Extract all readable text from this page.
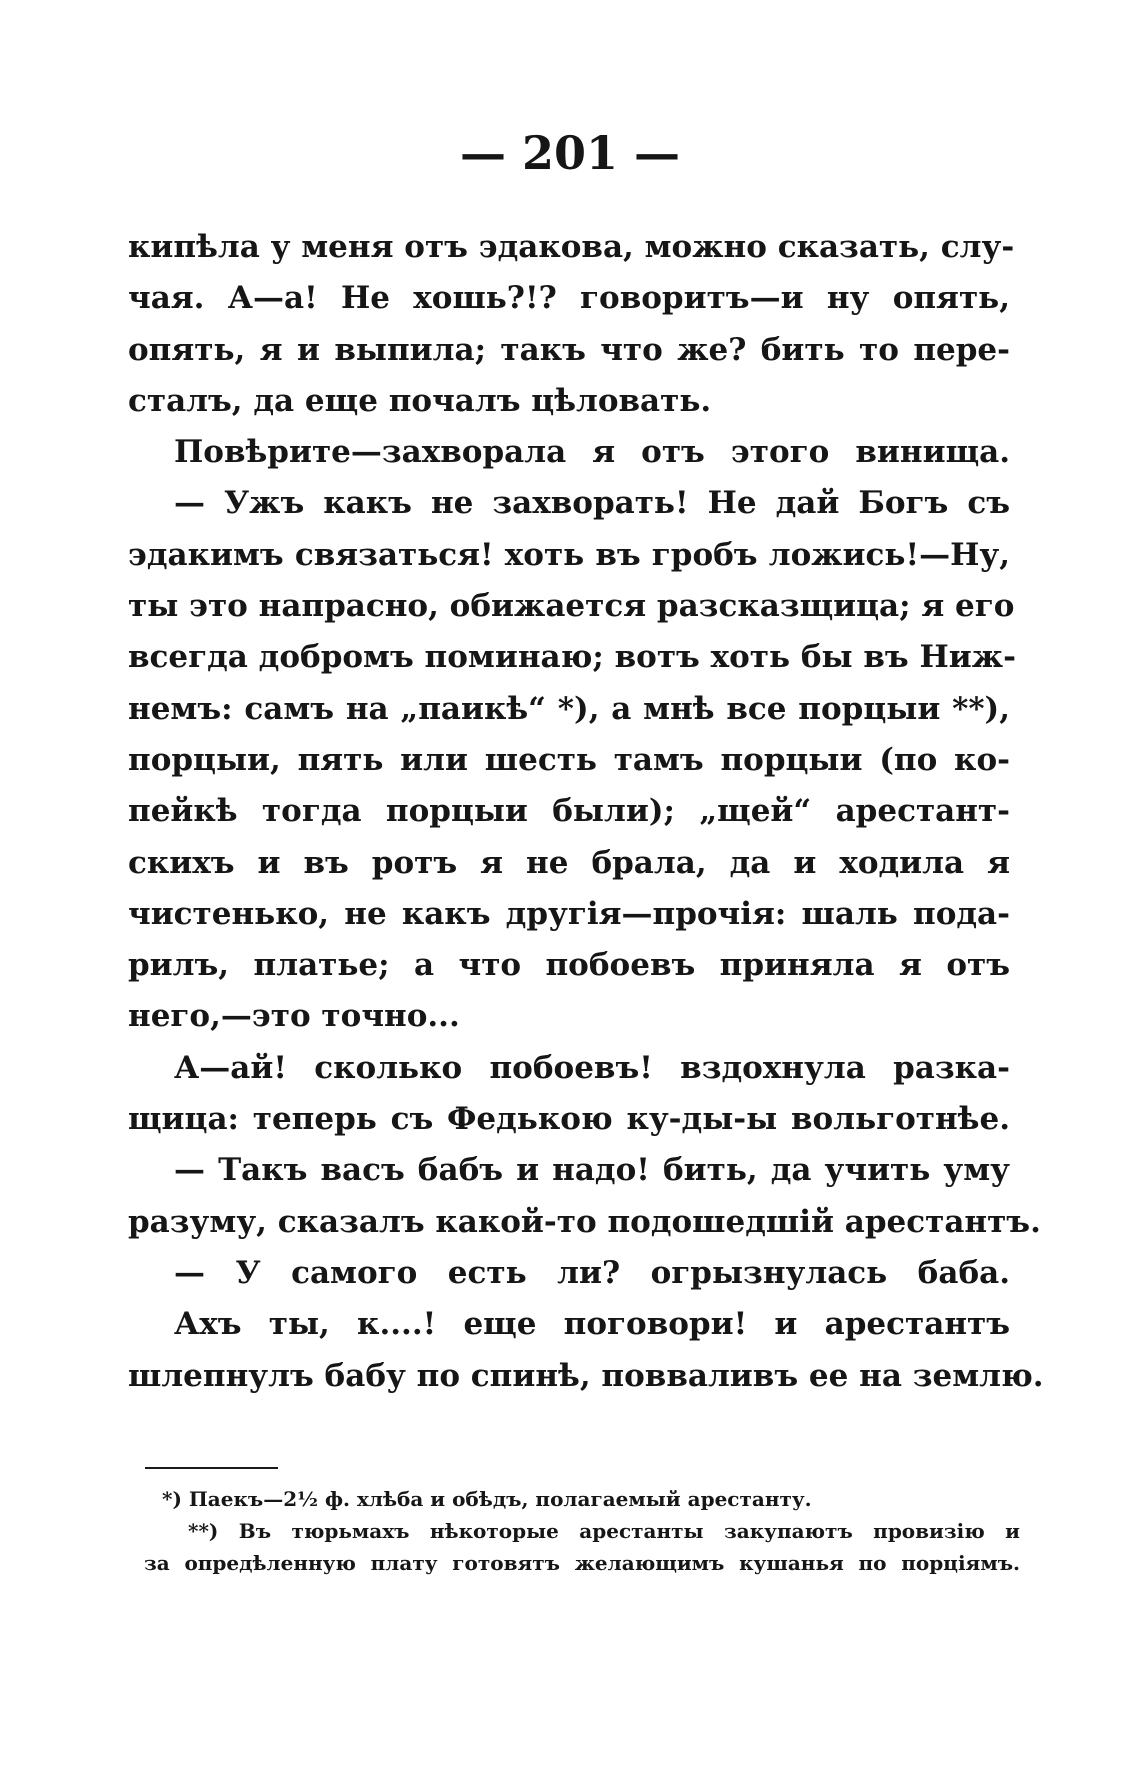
— 201 —
кипѣла у меня отъ эдакова, можно сказать, слу-
чая. А—а! Не хошь?!? говоритъ—и ну опять,
опять, я и выпила; такъ что же? бить то пере-
сталъ, да еще почалъ цѣловать.
Повѣрите—захворала я отъ этого винища.
— Ужъ какъ не захворать! Не дай Богъ съ
эдакимъ связаться! хоть въ гробъ ложись!—Ну,
ты это напрасно, обижается разсказщица; я его
всегда добромъ поминаю; вотъ хоть бы въ Ниж-
немъ: самъ на „паикѣ“ *), а мнѣ все порцыи **),
порцыи, пять или шесть тамъ порцыи (по ко-
пейкѣ тогда порцыи были); „щей“ арестант-
скихъ и въ ротъ я не брала, да и ходила я
чистенько, не какъ другія—прочія: шаль пода-
рилъ, платье; а что побоевъ приняла я отъ
него,—это точно...
А—ай! сколько побоевъ! вздохнула разка-
щица: теперь съ Федькою ку-ды-ы вольготнѣе.
— Такъ васъ бабъ и надо! бить, да учить уму
разуму, сказалъ какой-то подошедшій арестантъ.
— У самого есть ли? огрызнулась баба.
Ахъ ты, к....! еще поговори! и арестантъ
шлепнулъ бабу по спинѣ, повваливъ ее на землю.
*) Паекъ—2½ ф. хлѣба и обѣдъ, полагаемый арестанту.
**) Въ тюрьмахъ нѣкоторые арестанты закупаютъ провизію и
за опредѣленную плату готовятъ желающимъ кушанья по порціямъ.
